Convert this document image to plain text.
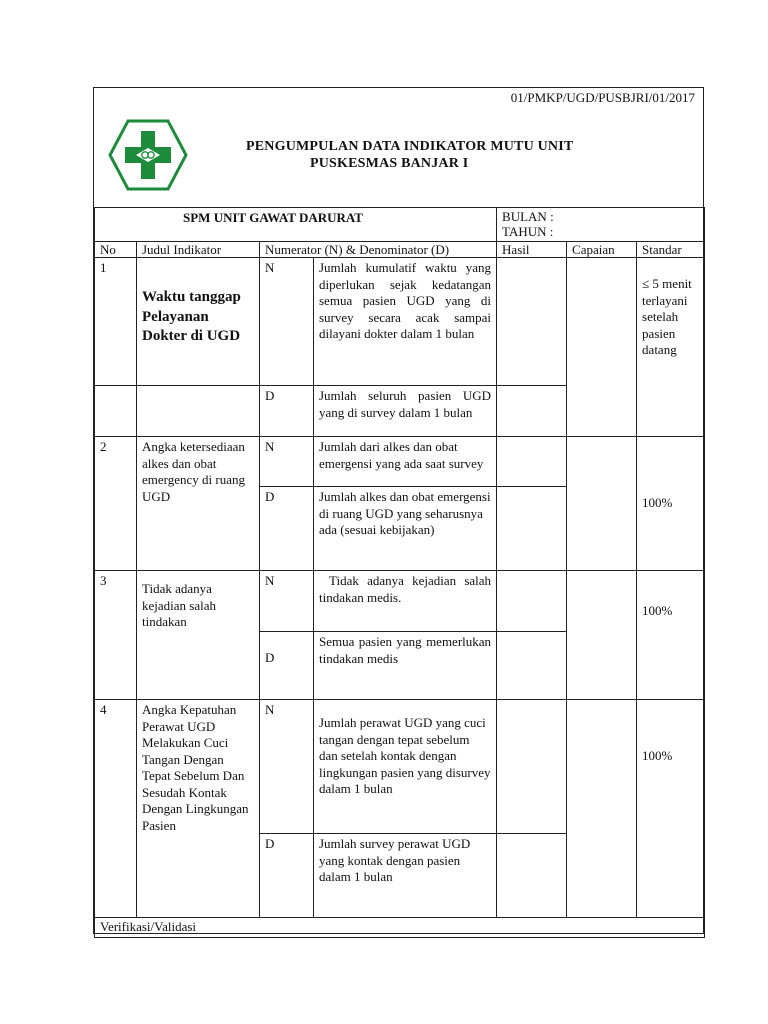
01/PMKP/UGD/PUSBJRI/01/2017
PENGUMPULAN DATA INDIKATOR MUTU UNIT
PUSKESMAS BANJAR I
SPM UNIT GAWAT DARURAT				BULAN :
TAHUN :		

No	Judul Indikator	Numerator (N) & Denominator (D)		Hasil	Capaian	Standar
1	Waktu tanggap Pelayanan Dokter di UGD	N	Jumlah kumulatif waktu yang diperlukan sejak kedatangan semua pasien UGD yang di survey secara acak sampai dilayani dokter dalam 1 bulan			≤ 5 menit terlayani setelah pasien datang
		D	Jumlah seluruh pasien UGD yang di survey dalam 1 bulan			
2	Angka ketersediaan alkes dan obat emergency di ruang UGD	N	Jumlah dari alkes dan obat emergensi yang ada saat survey			100%
		D	Jumlah alkes dan obat emergensi di ruang UGD yang seharusnya ada (sesuai kebijakan)			
3	Tidak adanya kejadian salah tindakan	N	Tidak adanya kejadian salah tindakan medis.			100%
		D	Semua pasien yang memerlukan tindakan medis			
4	Angka Kepatuhan Perawat UGD Melakukan Cuci Tangan Dengan Tepat Sebelum Dan Sesudah Kontak Dengan Lingkungan Pasien	N	Jumlah perawat UGD yang cuci tangan dengan tepat sebelum dan setelah kontak dengan lingkungan pasien yang disurvey dalam 1 bulan			100%
		D	Jumlah survey perawat UGD yang kontak dengan pasien dalam 1 bulan			
Verifikasi/Validasi						
